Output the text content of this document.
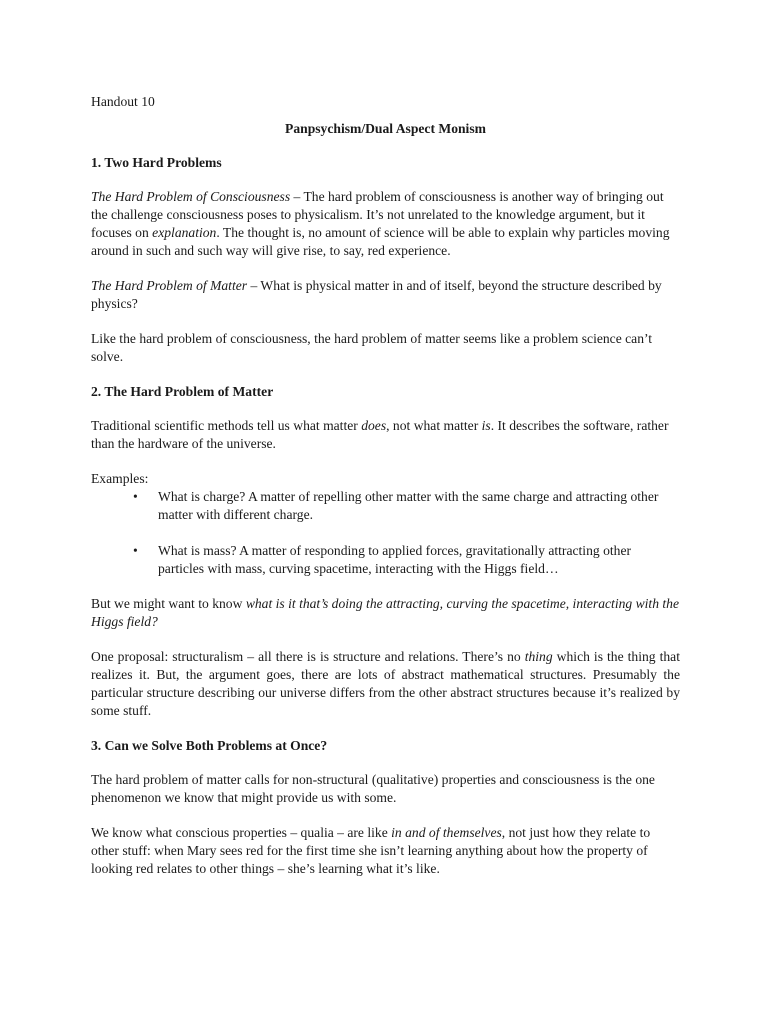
Handout 10
Panpsychism/Dual Aspect Monism
1. Two Hard Problems

The Hard Problem of Consciousness – The hard problem of consciousness is another way of bringing out the challenge consciousness poses to physicalism. It’s not unrelated to the knowledge argument, but it focuses on explanation. The thought is, no amount of science will be able to explain why particles moving around in such and such way will give rise, to say, red experience.

The Hard Problem of Matter – What is physical matter in and of itself, beyond the structure described by physics?

Like the hard problem of consciousness, the hard problem of matter seems like a problem science can’t solve.

2. The Hard Problem of Matter

Traditional scientific methods tell us what matter does, not what matter is. It describes the software, rather than the hardware of the universe.

Examples:

• What is charge? A matter of repelling other matter with the same charge and attracting other matter with different charge.
• What is mass? A matter of responding to applied forces, gravitationally attracting other particles with mass, curving spacetime, interacting with the Higgs field…

But we might want to know what is it that’s doing the attracting, curving the spacetime, interacting with the Higgs field?

One proposal: structuralism – all there is is structure and relations. There’s no thing which is the thing that realizes it. But, the argument goes, there are lots of abstract mathematical structures. Presumably the particular structure describing our universe differs from the other abstract structures because it’s realized by some stuff.

3. Can we Solve Both Problems at Once?

The hard problem of matter calls for non-structural (qualitative) properties and consciousness is the one phenomenon we know that might provide us with some.

We know what conscious properties – qualia – are like in and of themselves, not just how they relate to other stuff: when Mary sees red for the first time she isn’t learning anything about how the property of looking red relates to other things – she’s learning what it’s like.
